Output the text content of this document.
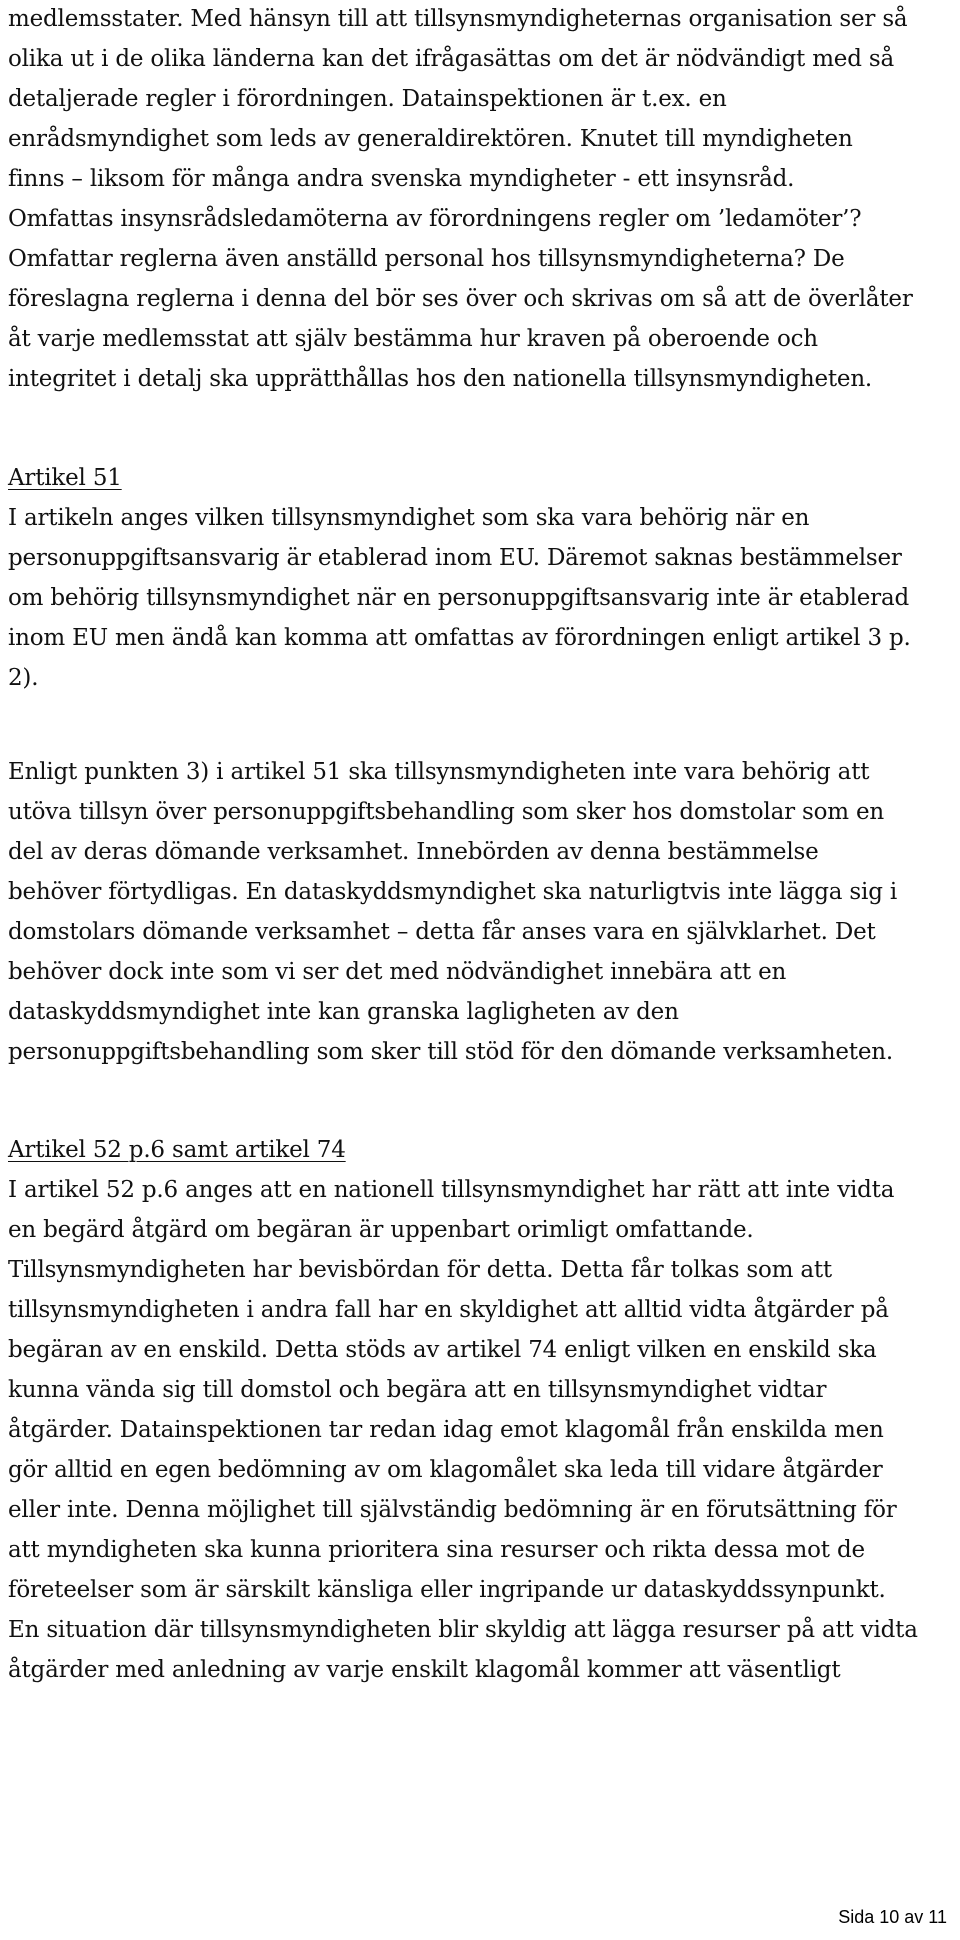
medlemsstater. Med hänsyn till att tillsynsmyndigheternas organisation ser så
olika ut i de olika länderna kan det ifrågasättas om det är nödvändigt med så
detaljerade regler i förordningen. Datainspektionen är t.ex. en
enrådsmyndighet som leds av generaldirektören. Knutet till myndigheten
finns – liksom för många andra svenska myndigheter - ett insynsråd.
Omfattas insynsrådsledamöterna av förordningens regler om ’ledamöter’?
Omfattar reglerna även anställd personal hos tillsynsmyndigheterna? De
föreslagna reglerna i denna del bör ses över och skrivas om så att de överlåter
åt varje medlemsstat att själv bestämma hur kraven på oberoende och
integritet i detalj ska upprätthållas hos den nationella tillsynsmyndigheten.
Artikel 51
I artikeln anges vilken tillsynsmyndighet som ska vara behörig när en
personuppgiftsansvarig är etablerad inom EU. Däremot saknas bestämmelser
om behörig tillsynsmyndighet när en personuppgiftsansvarig inte är etablerad
inom EU men ändå kan komma att omfattas av förordningen enligt artikel 3 p.
2).
Enligt punkten 3) i artikel 51 ska tillsynsmyndigheten inte vara behörig att
utöva tillsyn över personuppgiftsbehandling som sker hos domstolar som en
del av deras dömande verksamhet. Innebörden av denna bestämmelse
behöver förtydligas. En dataskyddsmyndighet ska naturligtvis inte lägga sig i
domstolars dömande verksamhet – detta får anses vara en självklarhet. Det
behöver dock inte som vi ser det med nödvändighet innebära att en
dataskyddsmyndighet inte kan granska lagligheten av den
personuppgiftsbehandling som sker till stöd för den dömande verksamheten.
Artikel 52 p.6 samt artikel 74
I artikel 52 p.6 anges att en nationell tillsynsmyndighet har rätt att inte vidta
en begärd åtgärd om begäran är uppenbart orimligt omfattande.
Tillsynsmyndigheten har bevisbördan för detta. Detta får tolkas som att
tillsynsmyndigheten i andra fall har en skyldighet att alltid vidta åtgärder på
begäran av en enskild. Detta stöds av artikel 74 enligt vilken en enskild ska
kunna vända sig till domstol och begära att en tillsynsmyndighet vidtar
åtgärder. Datainspektionen tar redan idag emot klagomål från enskilda men
gör alltid en egen bedömning av om klagomålet ska leda till vidare åtgärder
eller inte. Denna möjlighet till självständig bedömning är en förutsättning för
att myndigheten ska kunna prioritera sina resurser och rikta dessa mot de
företeelser som är särskilt känsliga eller ingripande ur dataskyddssynpunkt.
En situation där tillsynsmyndigheten blir skyldig att lägga resurser på att vidta
åtgärder med anledning av varje enskilt klagomål kommer att väsentligt
Sida 10 av 11
